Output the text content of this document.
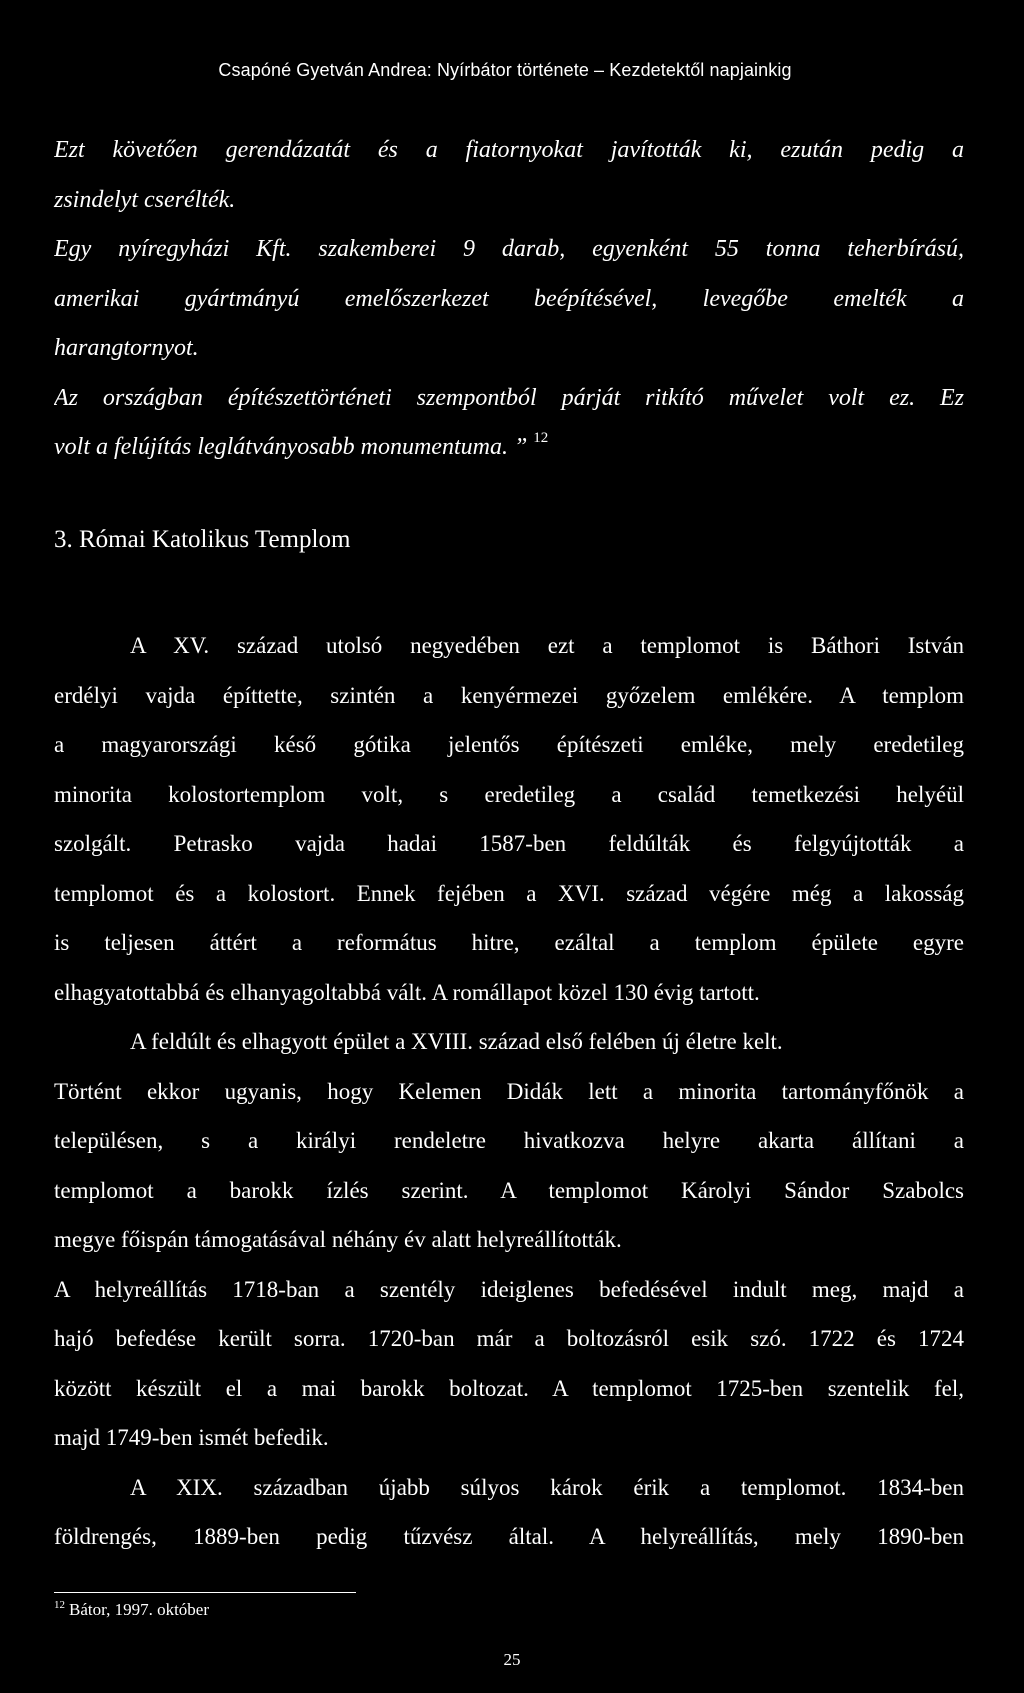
Csapóné Gyetván Andrea: Nyírbátor története – Kezdetektől napjainkig
Ezt követően gerendázatát és a fiatornyokat javították ki, ezután pedig a
zsindelyt cserélték.
Egy nyíregyházi Kft. szakemberei 9 darab, egyenként 55 tonna teherbírású,
amerikai gyártmányú emelőszerkezet beépítésével, levegőbe emelték a
harangtornyot.
Az országban építészettörténeti szempontból párját ritkító művelet volt ez. Ez
volt a felújítás leglátványosabb monumentuma. ” $^{12}$
3. Római Katolikus Templom
A XV. század utolsó negyedében ezt a templomot is Báthori István
erdélyi vajda építtette, szintén a kenyérmezei győzelem emlékére. A templom
a magyarországi késő gótika jelentős építészeti emléke, mely eredetileg
minorita kolostortemplom volt, s eredetileg a család temetkezési helyéül
szolgált. Petrasko vajda hadai 1587-ben feldúlták és felgyújtották a
templomot és a kolostort. Ennek fejében a XVI. század végére még a lakosság
is teljesen áttért a református hitre, ezáltal a templom épülete egyre
elhagyatottabbá és elhanyagoltabbá vált. A romállapot közel 130 évig tartott.
A feldúlt és elhagyott épület a XVIII. század első felében új életre kelt.
Történt ekkor ugyanis, hogy Kelemen Didák lett a minorita tartományfőnök a
településen, s a királyi rendeletre hivatkozva helyre akarta állítani a
templomot a barokk ízlés szerint. A templomot Károlyi Sándor Szabolcs
megye főispán támogatásával néhány év alatt helyreállították.
A helyreállítás 1718-ban a szentély ideiglenes befedésével indult meg, majd a
hajó befedése került sorra. 1720-ban már a boltozásról esik szó. 1722 és 1724
között készült el a mai barokk boltozat. A templomot 1725-ben szentelik fel,
majd 1749-ben ismét befedik.
A XIX. században újabb súlyos károk érik a templomot. 1834-ben
földrengés, 1889-ben pedig tűzvész által. A helyreállítás, mely 1890-ben
$^{12}$ Bátor, 1997. október
25
